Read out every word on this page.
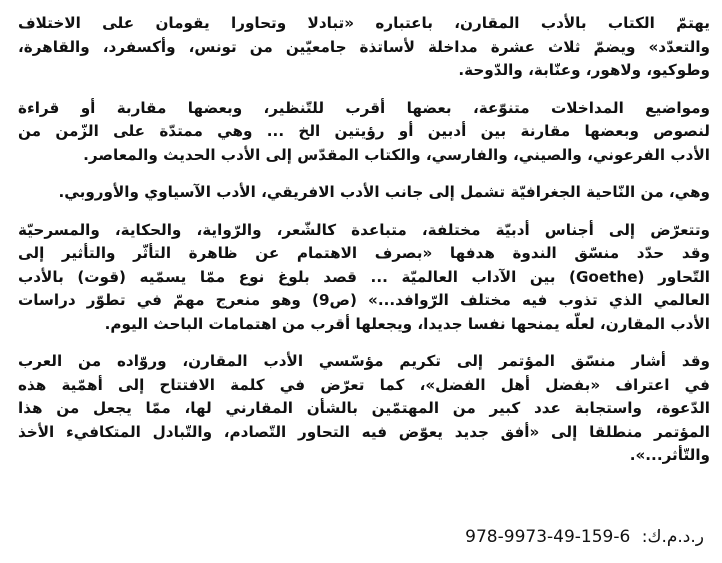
يهتمّ الكتاب بالأدب المقارن، باعتباره «تبادلا وتحاورا يقومان على الاختلاف
والتعدّد» ويضمّ ثلاث عشرة مداخلة لأساتذة جامعيّين من تونس، وأكسفرد، والقاهرة،
وطوكيو، ولاهور، وعنّابة، والدّوحة.

ومواضيع المداخلات متنوّعة، بعضها أقرب للتّنظير، وبعضها مقاربة أو قراءة
لنصوص وبعضها مقارنة بين أدبين أو رؤيتين الخ ... وهي ممتدّة على الزّمن من
الأدب الفرعوني، والصيني، والفارسي، والكتاب المقدّس إلى الأدب الحديث والمعاصر.

وهي، من النّاحية الجغرافيّة تشمل إلى جانب الأدب الافريقي، الأدب الآسياوي والأوروبي.

وتتعرّض إلى أجناس أدبيّة مختلفة، متباعدة كالشّعر، والرّواية، والحكاية، والمسرحيّة
وقد حدّد منسّق الندوة هدفها «بصرف الاهتمام عن ظاهرة التأثّر والتأثير إلى
التّحاور (Goethe) بين الآداب العالميّة ... قصد بلوغ نوع ممّا يسمّيه (قوت) بالأدب
العالمي الذي تذوب فيه مختلف الرّوافد...» (ص9) وهو منعرج مهمّ في تطوّر دراسات
الأدب المقارن، لعلّه يمنحها نفسا جديدا، ويجعلها أقرب من اهتمامات الباحث اليوم.

وقد أشار منسّق المؤتمر إلى تكريم مؤسّسي الأدب المقارن، وروّاده من العرب
في اعتراف «بفضل أهل الفضل»، كما تعرّض في كلمة الافتتاح إلى أهمّية هذه
الدّعوة، واستجابة عدد كبير من المهتمّين بالشأن المقارني لها، ممّا يجعل من هذا
المؤتمر منطلقا إلى «أفق جديد يعوّض فيه التحاور التّصادم، والتّبادل المتكافيء الأخذ
والتّأثر...».

ر.د.م.ك: 978-9973-49-159-6
